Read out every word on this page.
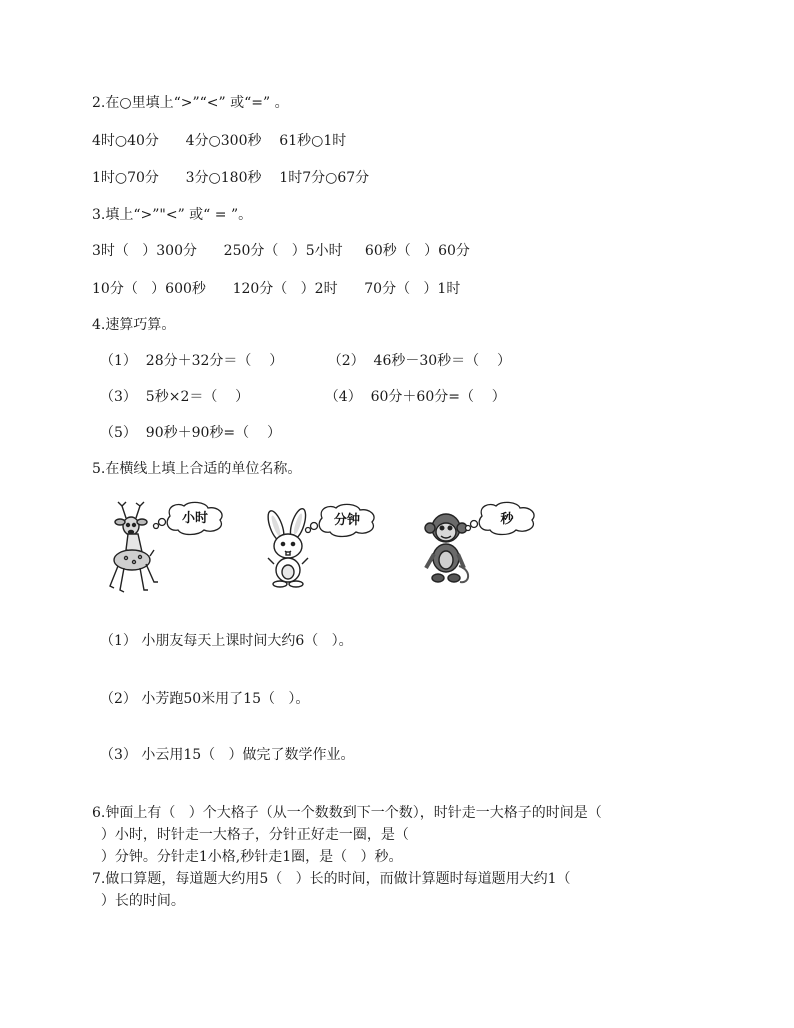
2.在○里填上“>”“<” 或“=” 。

4时○40分      4分○300秒    61秒○1时

1时○70分      3分○180秒    1时7分○67分

3.填上“>”"<” 或“ = ”。

3时（   ）300分      250分（   ）5小时     60秒（   ）60分

10分（   ）600秒      120分（   ）2时      70分（   ）1时

4.速算巧算。

（1）  28分＋32分＝（    ）          （2）  46秒－30秒＝（    ）

（3）  5秒×2＝（    ）                 （4）  60分＋60分=（    ）

（5）  90秒＋90秒=（    ）

5.在横线上填上合适的单位名称。

小时	分钟	秒

（1） 小朋友每天上课时间大约6（   ）。

（2） 小芳跑50米用了15（   ）。

（3） 小云用15（   ）做完了数学作业。

6.钟面上有（   ）个大格子（从一个数数到下一个数），时针走一大格子的时间是（

）小时，时针走一大格子，分针正好走一圈，是（

）分钟。分针走1小格,秒针走1圈，是（   ）秒。

7.做口算题，每道题大约用5（   ）长的时间，而做计算题时每道题用大约1（

）长的时间。
